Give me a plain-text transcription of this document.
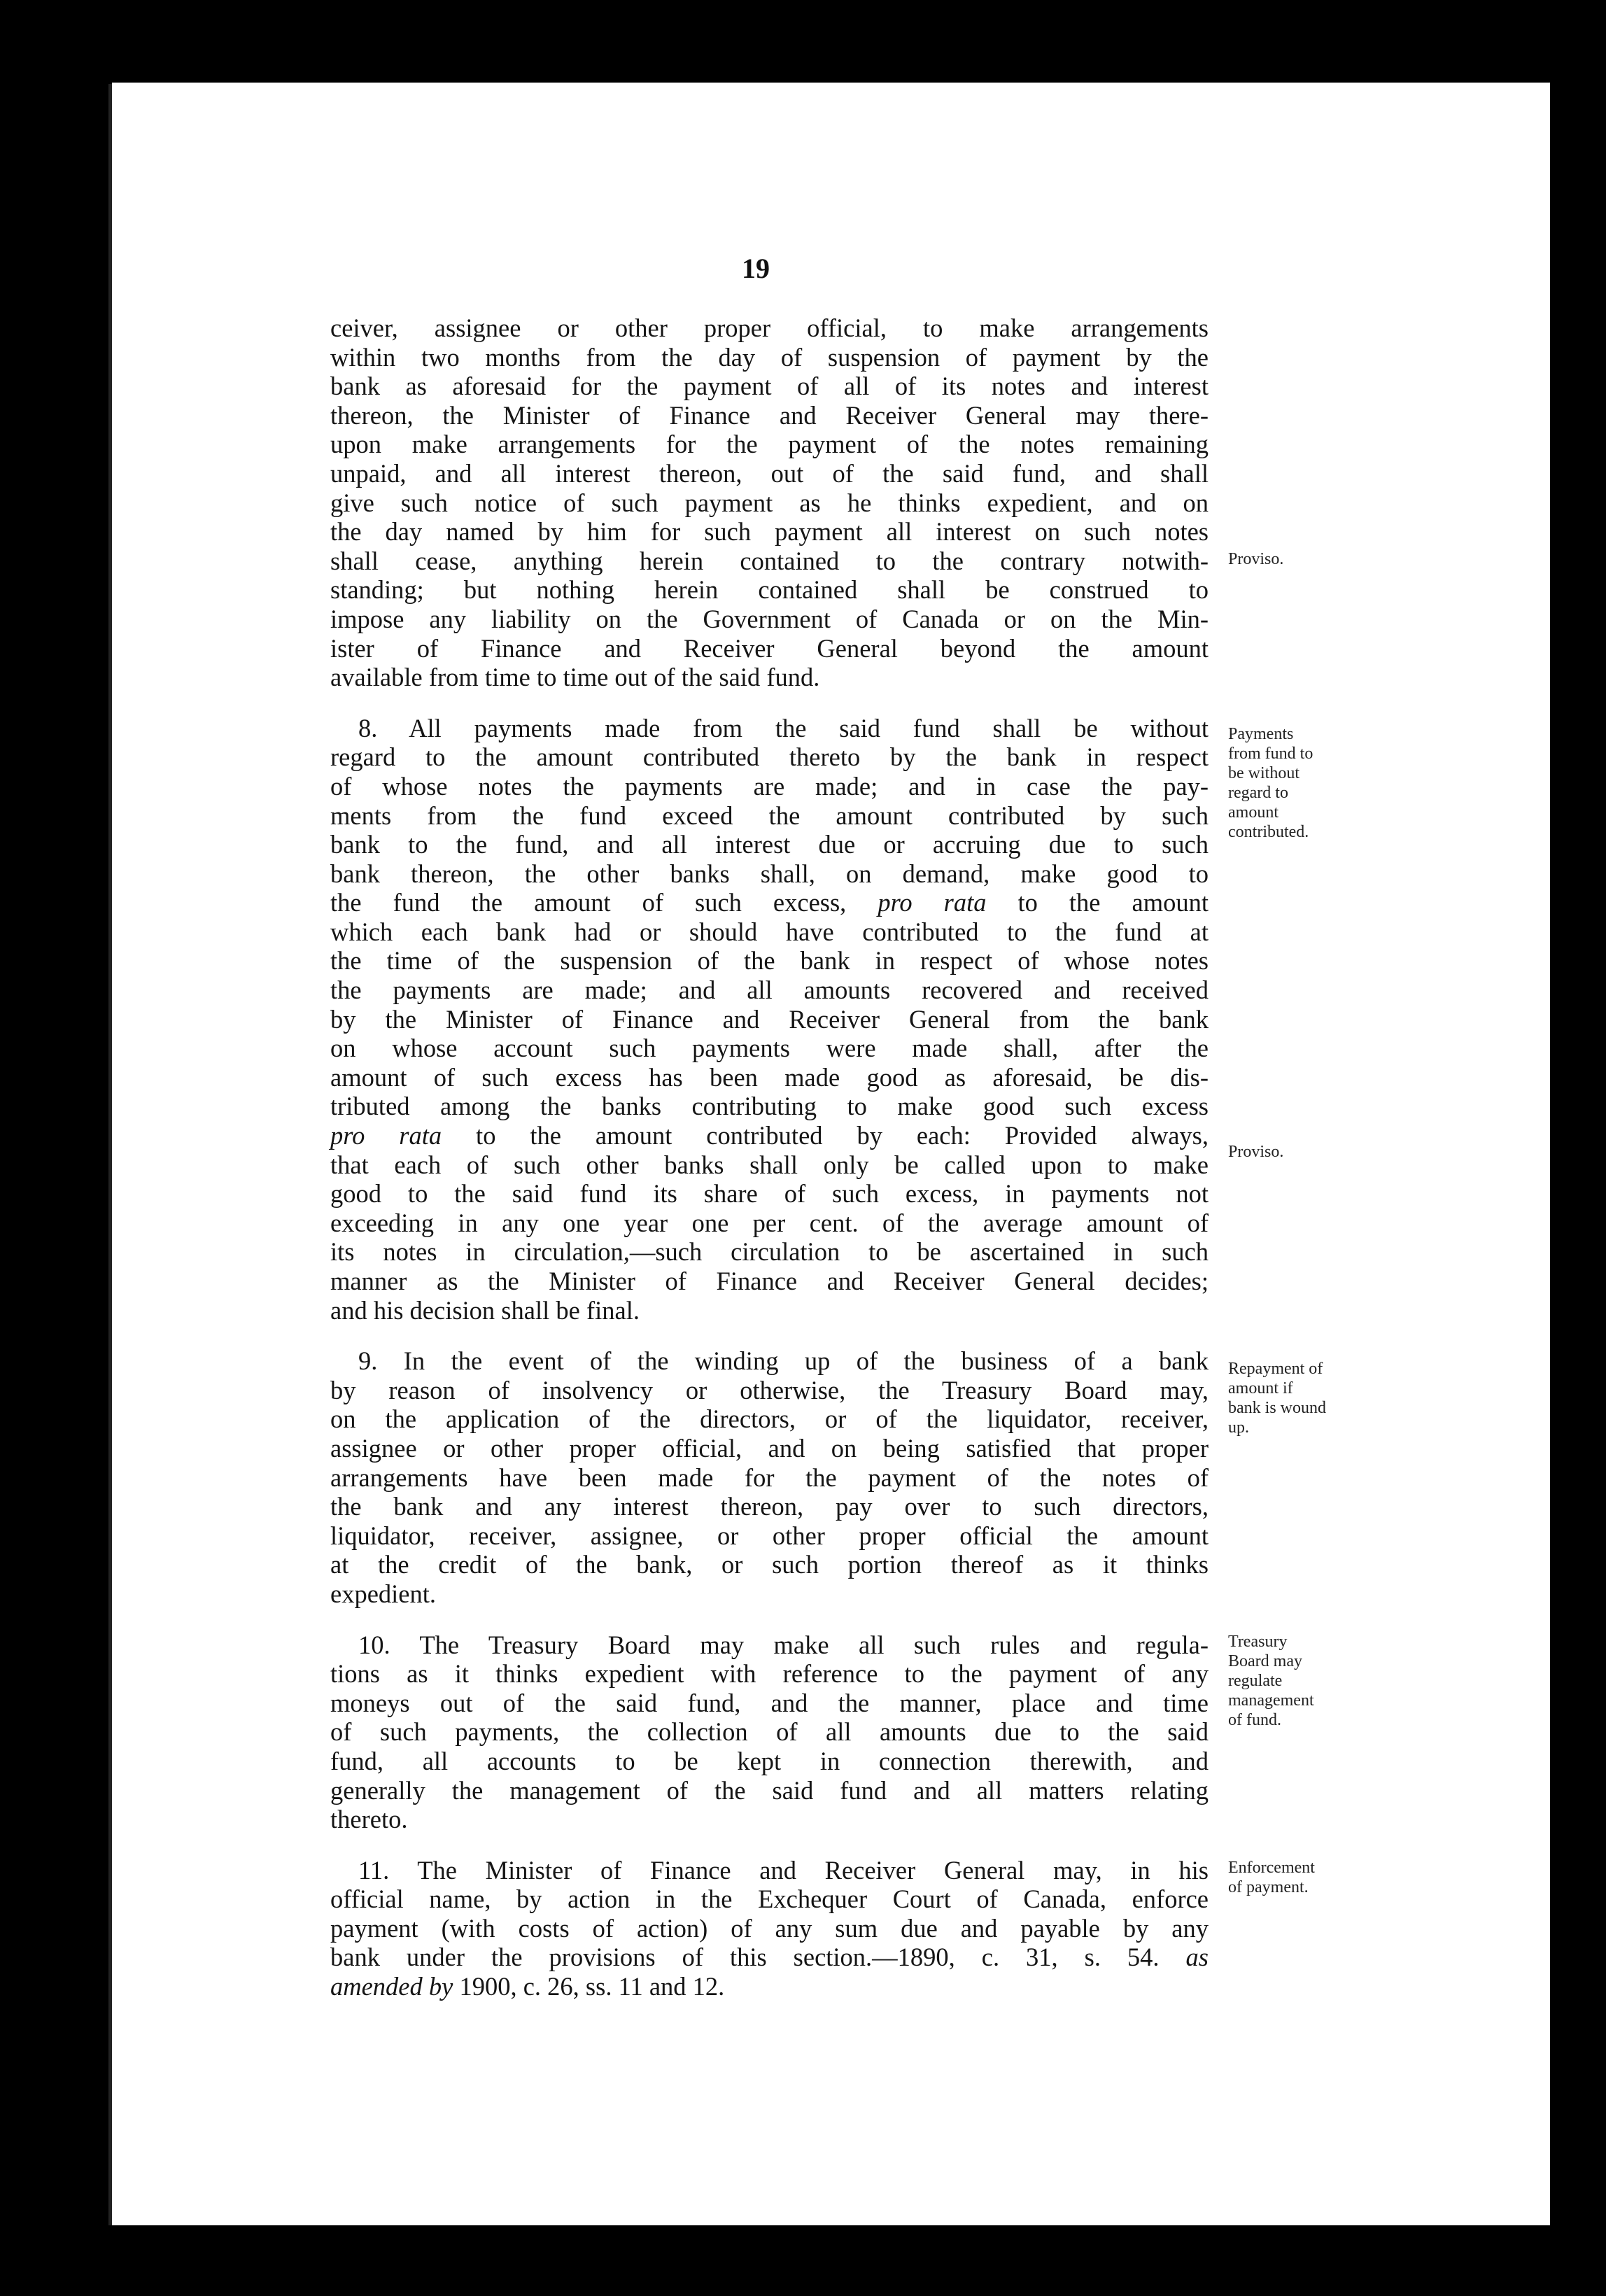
19
ceiver, assignee or other proper official, to make arrangements
within two months from the day of suspension of payment by the
bank as aforesaid for the payment of all of its notes and interest
thereon, the Minister of Finance and Receiver General may there-
upon make arrangements for the payment of the notes remaining
unpaid, and all interest thereon, out of the said fund, and shall
give such notice of such payment as he thinks expedient, and on
the day named by him for such payment all interest on such notes
shall cease, anything herein contained to the contrary notwith-
standing; but nothing herein contained shall be construed to
impose any liability on the Government of Canada or on the Min-
ister of Finance and Receiver General beyond the amount
available from time to time out of the said fund.
8. All payments made from the said fund shall be without
regard to the amount contributed thereto by the bank in respect
of whose notes the payments are made; and in case the pay-
ments from the fund exceed the amount contributed by such
bank to the fund, and all interest due or accruing due to such
bank thereon, the other banks shall, on demand, make good to
the fund the amount of such excess, pro rata to the amount
which each bank had or should have contributed to the fund at
the time of the suspension of the bank in respect of whose notes
the payments are made; and all amounts recovered and received
by the Minister of Finance and Receiver General from the bank
on whose account such payments were made shall, after the
amount of such excess has been made good as aforesaid, be dis-
tributed among the banks contributing to make good such excess
pro rata to the amount contributed by each: Provided always,
that each of such other banks shall only be called upon to make
good to the said fund its share of such excess, in payments not
exceeding in any one year one per cent. of the average amount of
its notes in circulation,—such circulation to be ascertained in such
manner as the Minister of Finance and Receiver General decides;
and his decision shall be final.
9. In the event of the winding up of the business of a bank
by reason of insolvency or otherwise, the Treasury Board may,
on the application of the directors, or of the liquidator, receiver,
assignee or other proper official, and on being satisfied that proper
arrangements have been made for the payment of the notes of
the bank and any interest thereon, pay over to such directors,
liquidator, receiver, assignee, or other proper official the amount
at the credit of the bank, or such portion thereof as it thinks
expedient.
10. The Treasury Board may make all such rules and regula-
tions as it thinks expedient with reference to the payment of any
moneys out of the said fund, and the manner, place and time
of such payments, the collection of all amounts due to the said
fund, all accounts to be kept in connection therewith, and
generally the management of the said fund and all matters relating
thereto.
11. The Minister of Finance and Receiver General may, in his
official name, by action in the Exchequer Court of Canada, enforce
payment (with costs of action) of any sum due and payable by any
bank under the provisions of this section.—1890, c. 31, s. 54. as
amended by 1900, c. 26, ss. 11 and 12.
Proviso.
Payments
from fund to
be without
regard to
amount
contributed.
Proviso.
Repayment of
amount if
bank is wound
up.
Treasury
Board may
regulate
management
of fund.
Enforcement
of payment.
